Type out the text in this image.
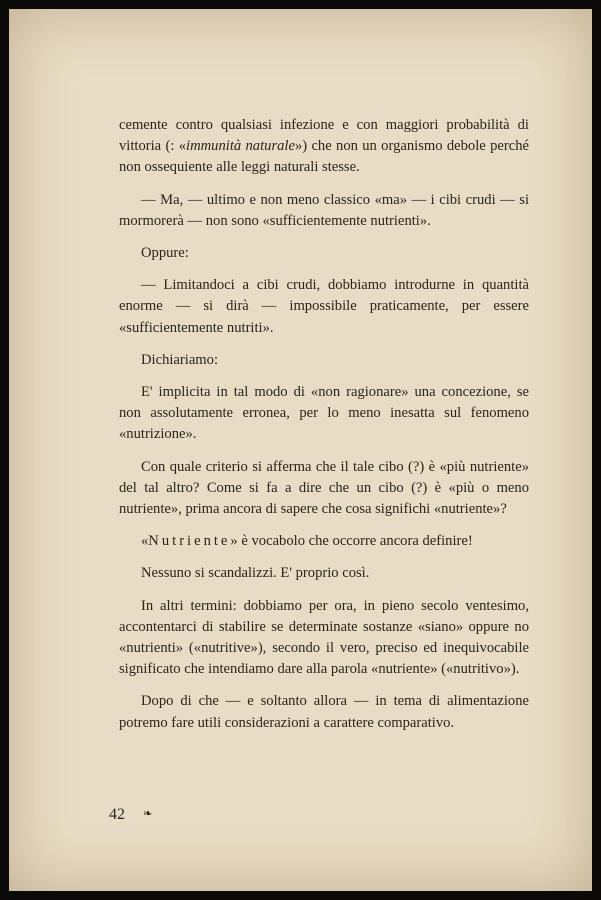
cemente contro qualsiasi infezione e con maggiori probabilità di vittoria (: «immunità naturale») che non un organismo debole perché non ossequiente alle leggi naturali stesse.

— Ma, — ultimo e non meno classico «ma» — i cibi crudi — si mormorerà — non sono «sufficientemente nutrienti».

Oppure:

— Limitandoci a cibi crudi, dobbiamo introdurne in quantità enorme — si dirà — impossibile praticamente, per essere «sufficientemente nutriti».

Dichiariamo:

E' implicita in tal modo di «non ragionare» una concezione, se non assolutamente erronea, per lo meno inesatta sul fenomeno «nutrizione».

Con quale criterio si afferma che il tale cibo (?) è «più nutriente» del tal altro? Come si fa a dire che un cibo (?) è «più o meno nutriente», prima ancora di sapere che cosa significhi «nutriente»?

«Nutriente» è vocabolo che occorre ancora definire!

Nessuno si scandalizzi. E' proprio così.

In altri termini: dobbiamo per ora, in pieno secolo ventesimo, accontentarci di stabilire se determinate sostanze «siano» oppure no «nutrienti» («nutritive»), secondo il vero, preciso ed inequivocabile significato che intendiamo dare alla parola «nutriente» («nutritivo»).

Dopo di che — e soltanto allora — in tema di alimentazione potremo fare utili considerazioni a carattere comparativo.

42 ❧
